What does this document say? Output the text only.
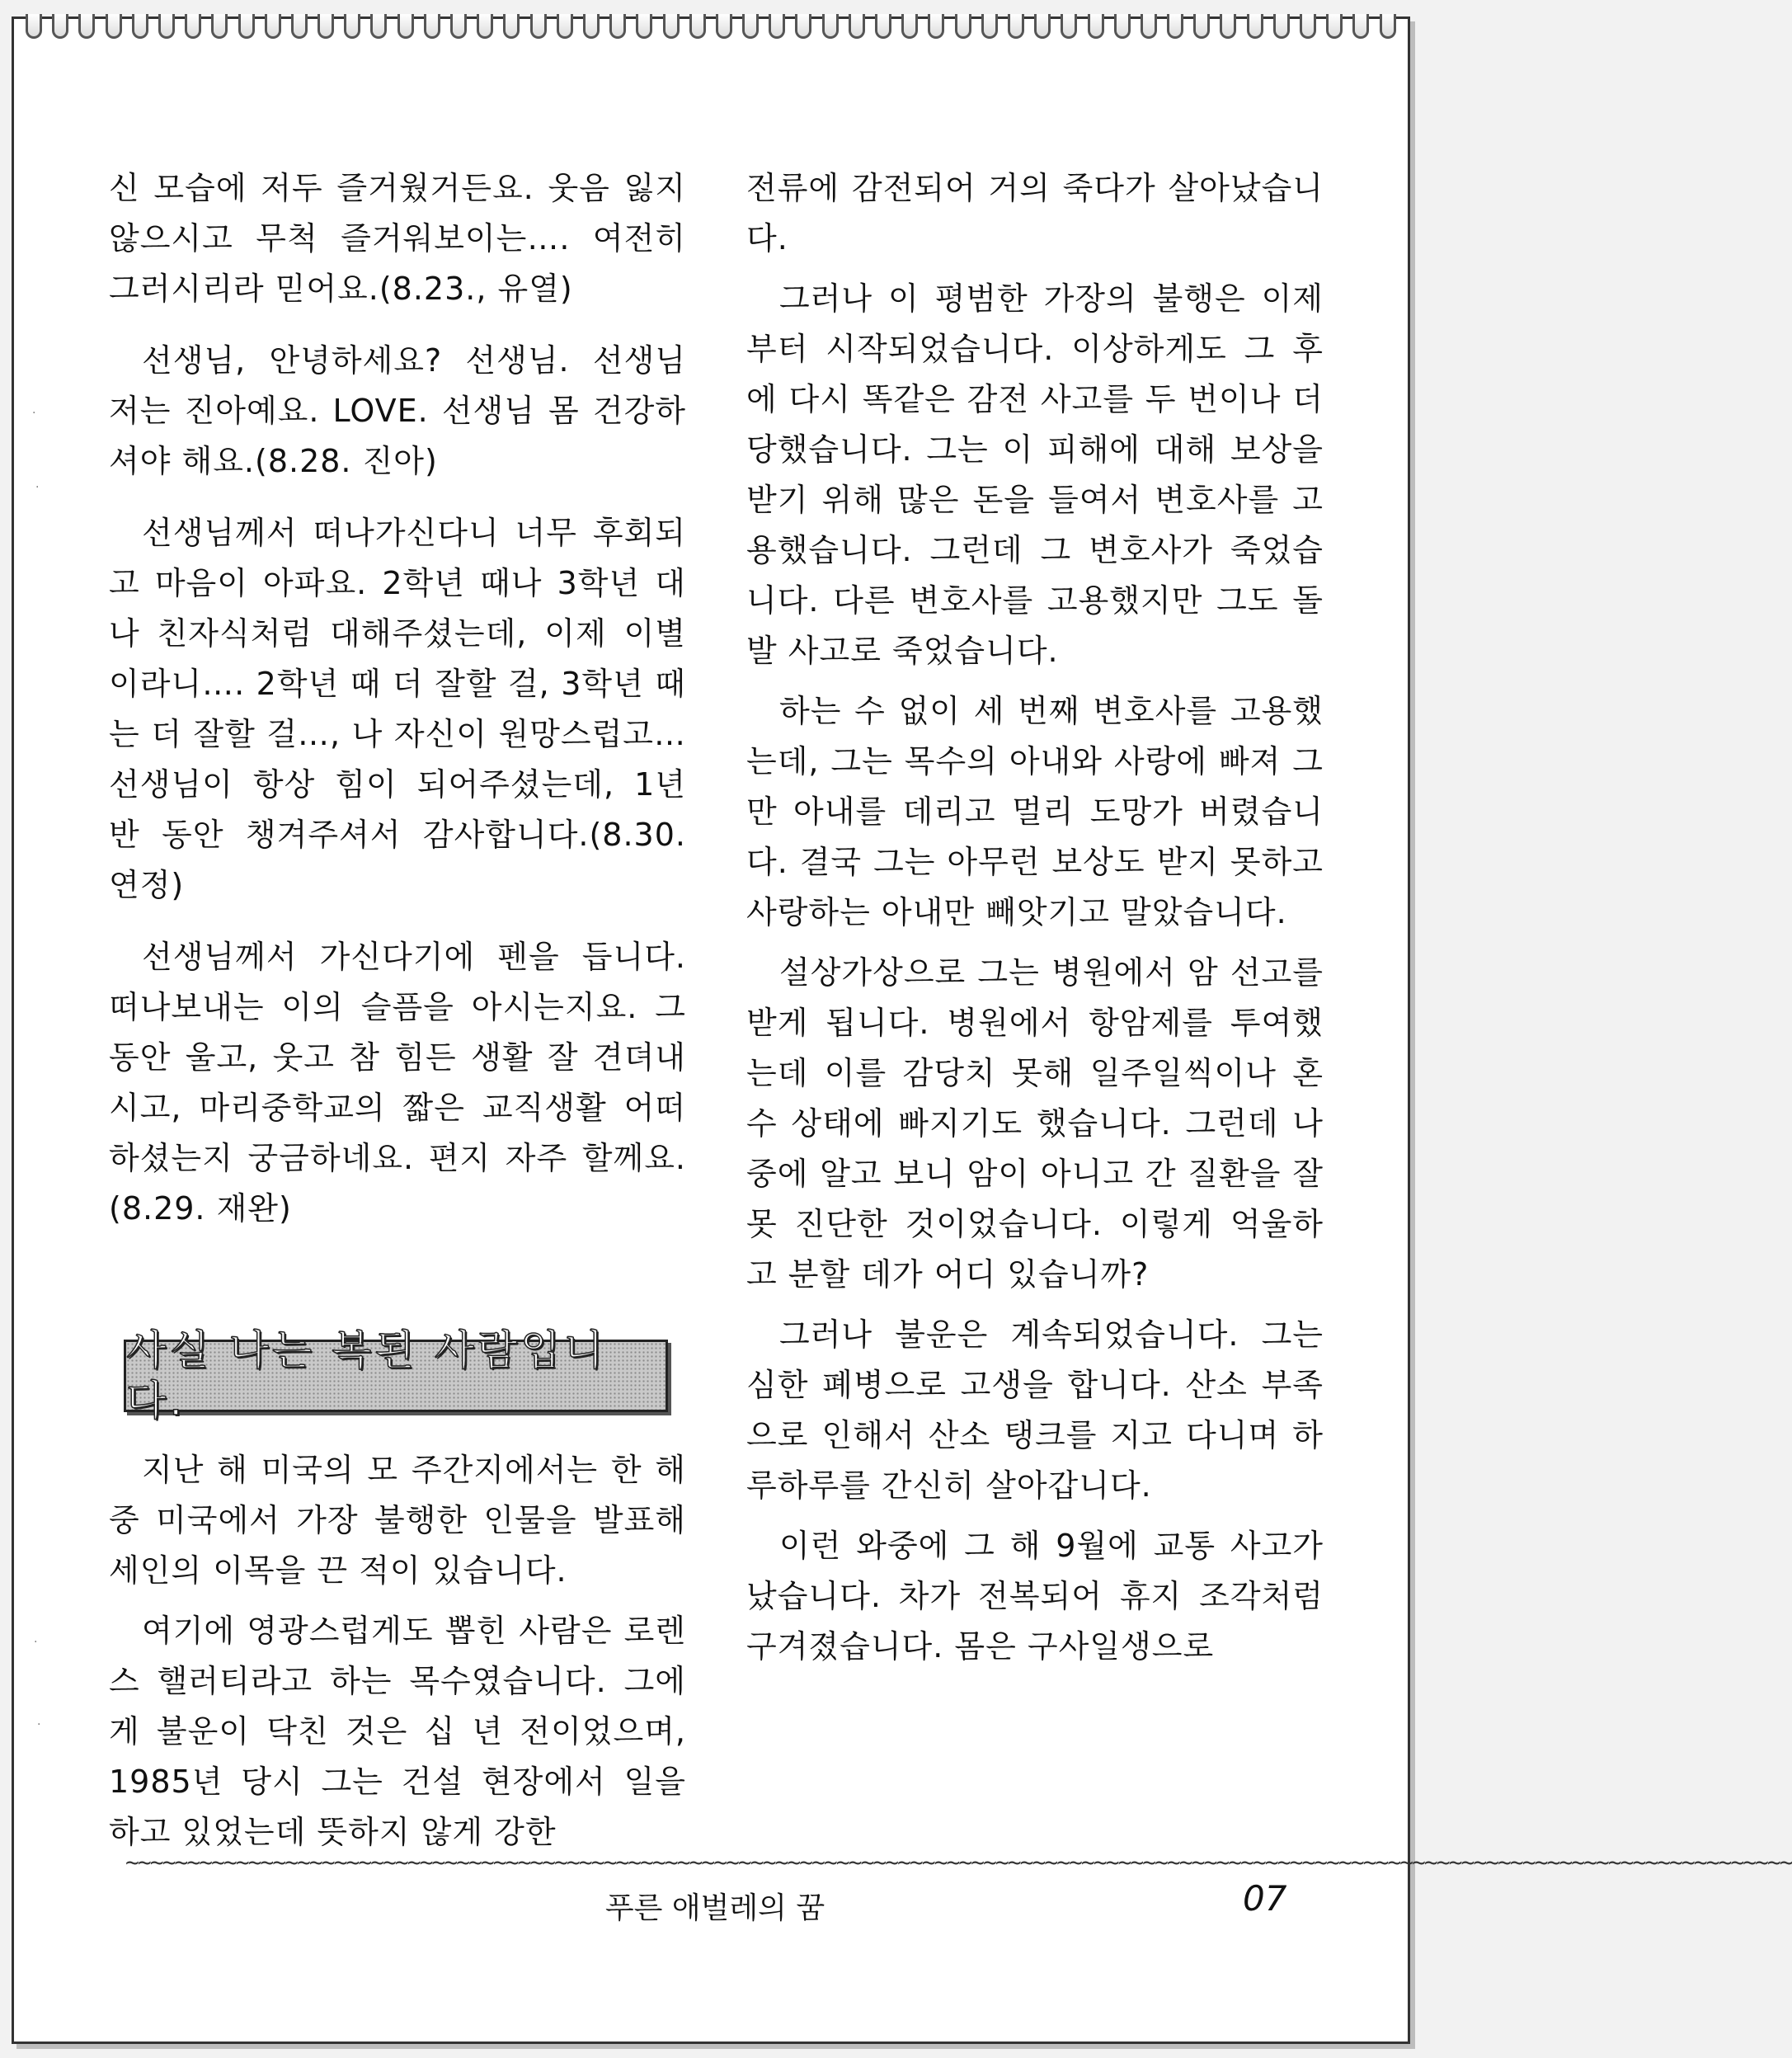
·
·
·
·

신 모습에 저두 즐거웠거든요. 웃음 잃지 않으시고 무척 즐거워보이는…. 여전히 그러시리라 믿어요.(8.23., 유열)

선생님, 안녕하세요? 선생님. 선생님 저는 진아예요. LOVE. 선생님 몸 건강하셔야 해요.(8.28. 진아)

선생님께서 떠나가신다니 너무 후회되고 마음이 아파요. 2학년 때나 3학년 대나 친자식처럼 대해주셨는데, 이제 이별이라니…. 2학년 때 더 잘할 걸, 3학년 때는 더 잘할 걸…, 나 자신이 원망스럽고… 선생님이 항상 힘이 되어주셨는데, 1년 반 동안 챙겨주셔서 감사합니다.(8.30. 연정)

선생님께서 가신다기에 펜을 듭니다. 떠나보내는 이의 슬픔을 아시는지요. 그동안 울고, 웃고 참 힘든 생활 잘 견뎌내시고, 마리중학교의 짧은 교직생활 어떠하셨는지 궁금하네요. 편지 자주 할께요.(8.29. 재완)

사실 나는 복된 사람입니다.

지난 해 미국의 모 주간지에서는 한 해 중 미국에서 가장 불행한 인물을 발표해 세인의 이목을 끈 적이 있습니다.

여기에 영광스럽게도 뽑힌 사람은 로렌스 핼러티라고 하는 목수였습니다. 그에게 불운이 닥친 것은 십 년 전이었으며, 1985년 당시 그는 건설 현장에서 일을 하고 있었는데 뜻하지 않게 강한

전류에 감전되어 거의 죽다가 살아났습니다.

그러나 이 평범한 가장의 불행은 이제부터 시작되었습니다. 이상하게도 그 후에 다시 똑같은 감전 사고를 두 번이나 더 당했습니다. 그는 이 피해에 대해 보상을 받기 위해 많은 돈을 들여서 변호사를 고용했습니다. 그런데 그 변호사가 죽었습니다. 다른 변호사를 고용했지만 그도 돌발 사고로 죽었습니다.

하는 수 없이 세 번째 변호사를 고용했는데, 그는 목수의 아내와 사랑에 빠져 그만 아내를 데리고 멀리 도망가 버렸습니다. 결국 그는 아무런 보상도 받지 못하고 사랑하는 아내만 빼앗기고 말았습니다.

설상가상으로 그는 병원에서 암 선고를 받게 됩니다. 병원에서 항암제를 투여했는데 이를 감당치 못해 일주일씩이나 혼수 상태에 빠지기도 했습니다. 그런데 나중에 알고 보니 암이 아니고 간 질환을 잘못 진단한 것이었습니다. 이렇게 억울하고 분할 데가 어디 있습니까?

그러나 불운은 계속되었습니다. 그는 심한 폐병으로 고생을 합니다. 산소 부족으로 인해서 산소 탱크를 지고 다니며 하루하루를 간신히 살아갑니다.

이런 와중에 그 해 9월에 교통 사고가 났습니다. 차가 전복되어 휴지 조각처럼 구겨졌습니다. 몸은 구사일생으로

~~~~~~~~~~~~~~~~~~~~~~~~~~~~~~~~~~~~~~~~~~~~~~~~~~~~~~~~~~~~~~~~~~~~~~~~~~~~~~~~~~~~~~~~~~~~~~~~~~~~~~~~~~~~~~~~~~~~~~~~~~~~~~~~~~~~~~~~
푸른 애벌레의 꿈	07
